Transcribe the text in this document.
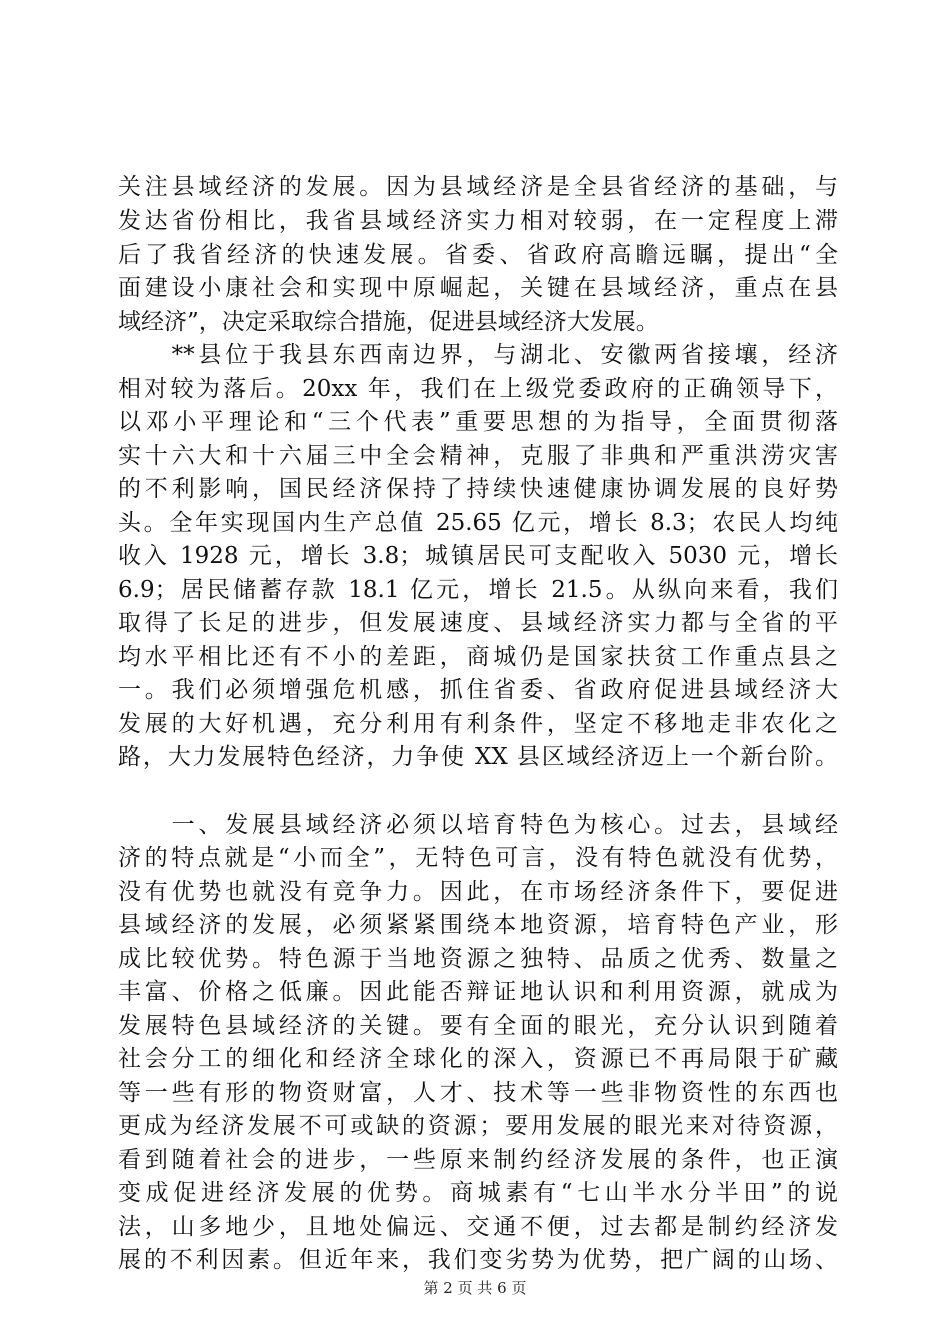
关注县域经济的发展。因为县域经济是全县省经济的基础，与
发达省份相比，我省县域经济实力相对较弱，在一定程度上滞
后了我省经济的快速发展。省委、省政府高瞻远瞩，提出“全
面建设小康社会和实现中原崛起，关键在县域经济，重点在县
域经济”，决定采取综合措施，促进县域经济大发展。
　　**县位于我县东西南边界，与湖北、安徽两省接壤，经济
相对较为落后。20xx 年，我们在上级党委政府的正确领导下，
以邓小平理论和“三个代表”重要思想的为指导，全面贯彻落
实十六大和十六届三中全会精神，克服了非典和严重洪涝灾害
的不利影响，国民经济保持了持续快速健康协调发展的良好势
头。全年实现国内生产总值 25.65 亿元，增长 8.3；农民人均纯
收入 1928 元，增长 3.8；城镇居民可支配收入 5030 元，增长
6.9；居民储蓄存款 18.1 亿元，增长 21.5。从纵向来看，我们
取得了长足的进步，但发展速度、县域经济实力都与全省的平
均水平相比还有不小的差距，商城仍是国家扶贫工作重点县之
一。我们必须增强危机感，抓住省委、省政府促进县域经济大
发展的大好机遇，充分利用有利条件，坚定不移地走非农化之
路，大力发展特色经济，力争使 XX 县区域经济迈上一个新台阶。
　　一、发展县域经济必须以培育特色为核心。过去，县域经
济的特点就是“小而全”，无特色可言，没有特色就没有优势，
没有优势也就没有竞争力。因此，在市场经济条件下，要促进
县域经济的发展，必须紧紧围绕本地资源，培育特色产业，形
成比较优势。特色源于当地资源之独特、品质之优秀、数量之
丰富、价格之低廉。因此能否辩证地认识和利用资源，就成为
发展特色县域经济的关键。要有全面的眼光，充分认识到随着
社会分工的细化和经济全球化的深入，资源已不再局限于矿藏
等一些有形的物资财富，人才、技术等一些非物资性的东西也
更成为经济发展不可或缺的资源；要用发展的眼光来对待资源，
看到随着社会的进步，一些原来制约经济发展的条件，也正演
变成促进经济发展的优势。商城素有“七山半水分半田”的说
法，山多地少，且地处偏远、交通不便，过去都是制约经济发
展的不利因素。但近年来，我们变劣势为优势，把广阔的山场、
第 2 页 共 6 页
